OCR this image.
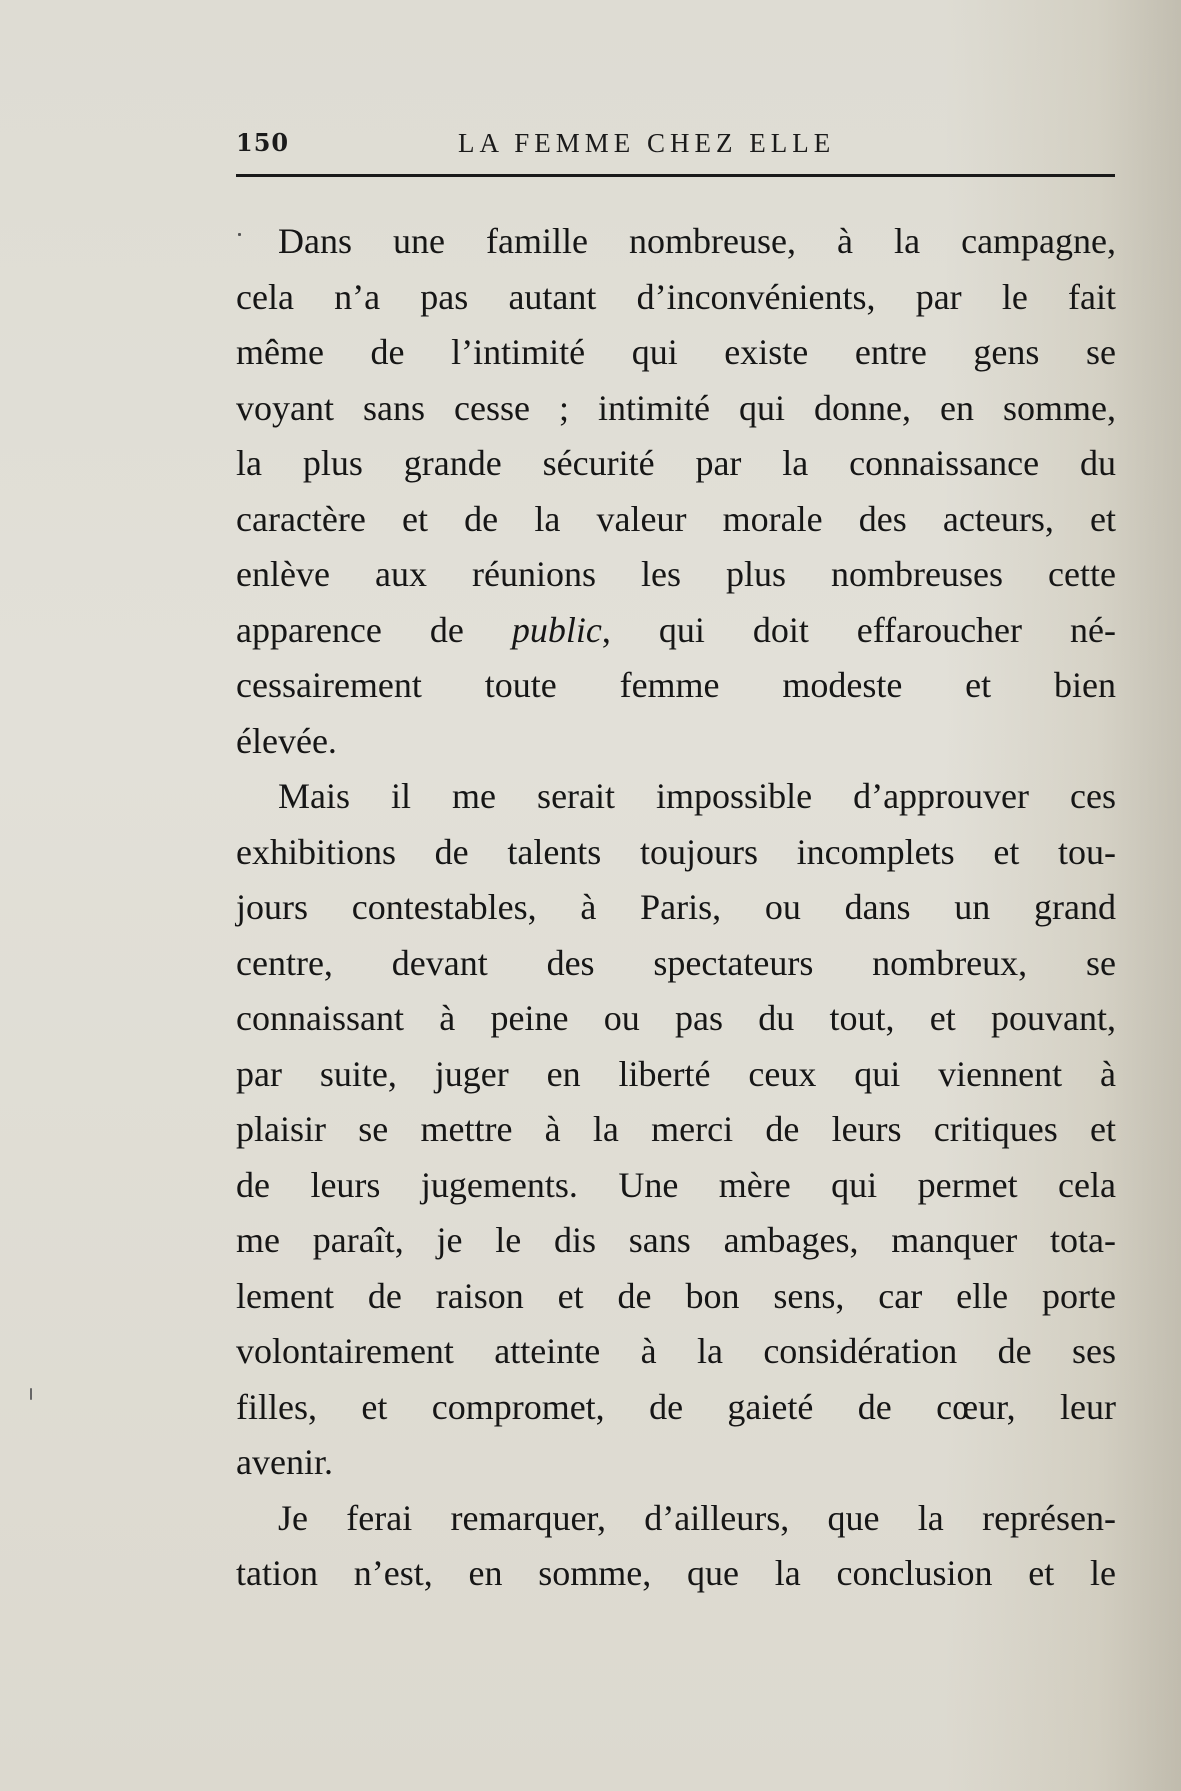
150	LA FEMME CHEZ ELLE
Dans une famille nombreuse, à la campagne,
cela n’a pas autant d’inconvénients, par le fait
même de l’intimité qui existe entre gens se
voyant sans cesse ; intimité qui donne, en somme,
la plus grande sécurité par la connaissance du
caractère et de la valeur morale des acteurs, et
enlève aux réunions les plus nombreuses cette
apparence de public, qui doit effaroucher né-
cessairement toute femme modeste et bien
élevée.
Mais il me serait impossible d’approuver ces
exhibitions de talents toujours incomplets et tou-
jours contestables, à Paris, ou dans un grand
centre, devant des spectateurs nombreux, se
connaissant à peine ou pas du tout, et pouvant,
par suite, juger en liberté ceux qui viennent à
plaisir se mettre à la merci de leurs critiques et
de leurs jugements. Une mère qui permet cela
me paraît, je le dis sans ambages, manquer tota-
lement de raison et de bon sens, car elle porte
volontairement atteinte à la considération de ses
filles, et compromet, de gaieté de cœur, leur
avenir.
Je ferai remarquer, d’ailleurs, que la représen-
tation n’est, en somme, que la conclusion et le
